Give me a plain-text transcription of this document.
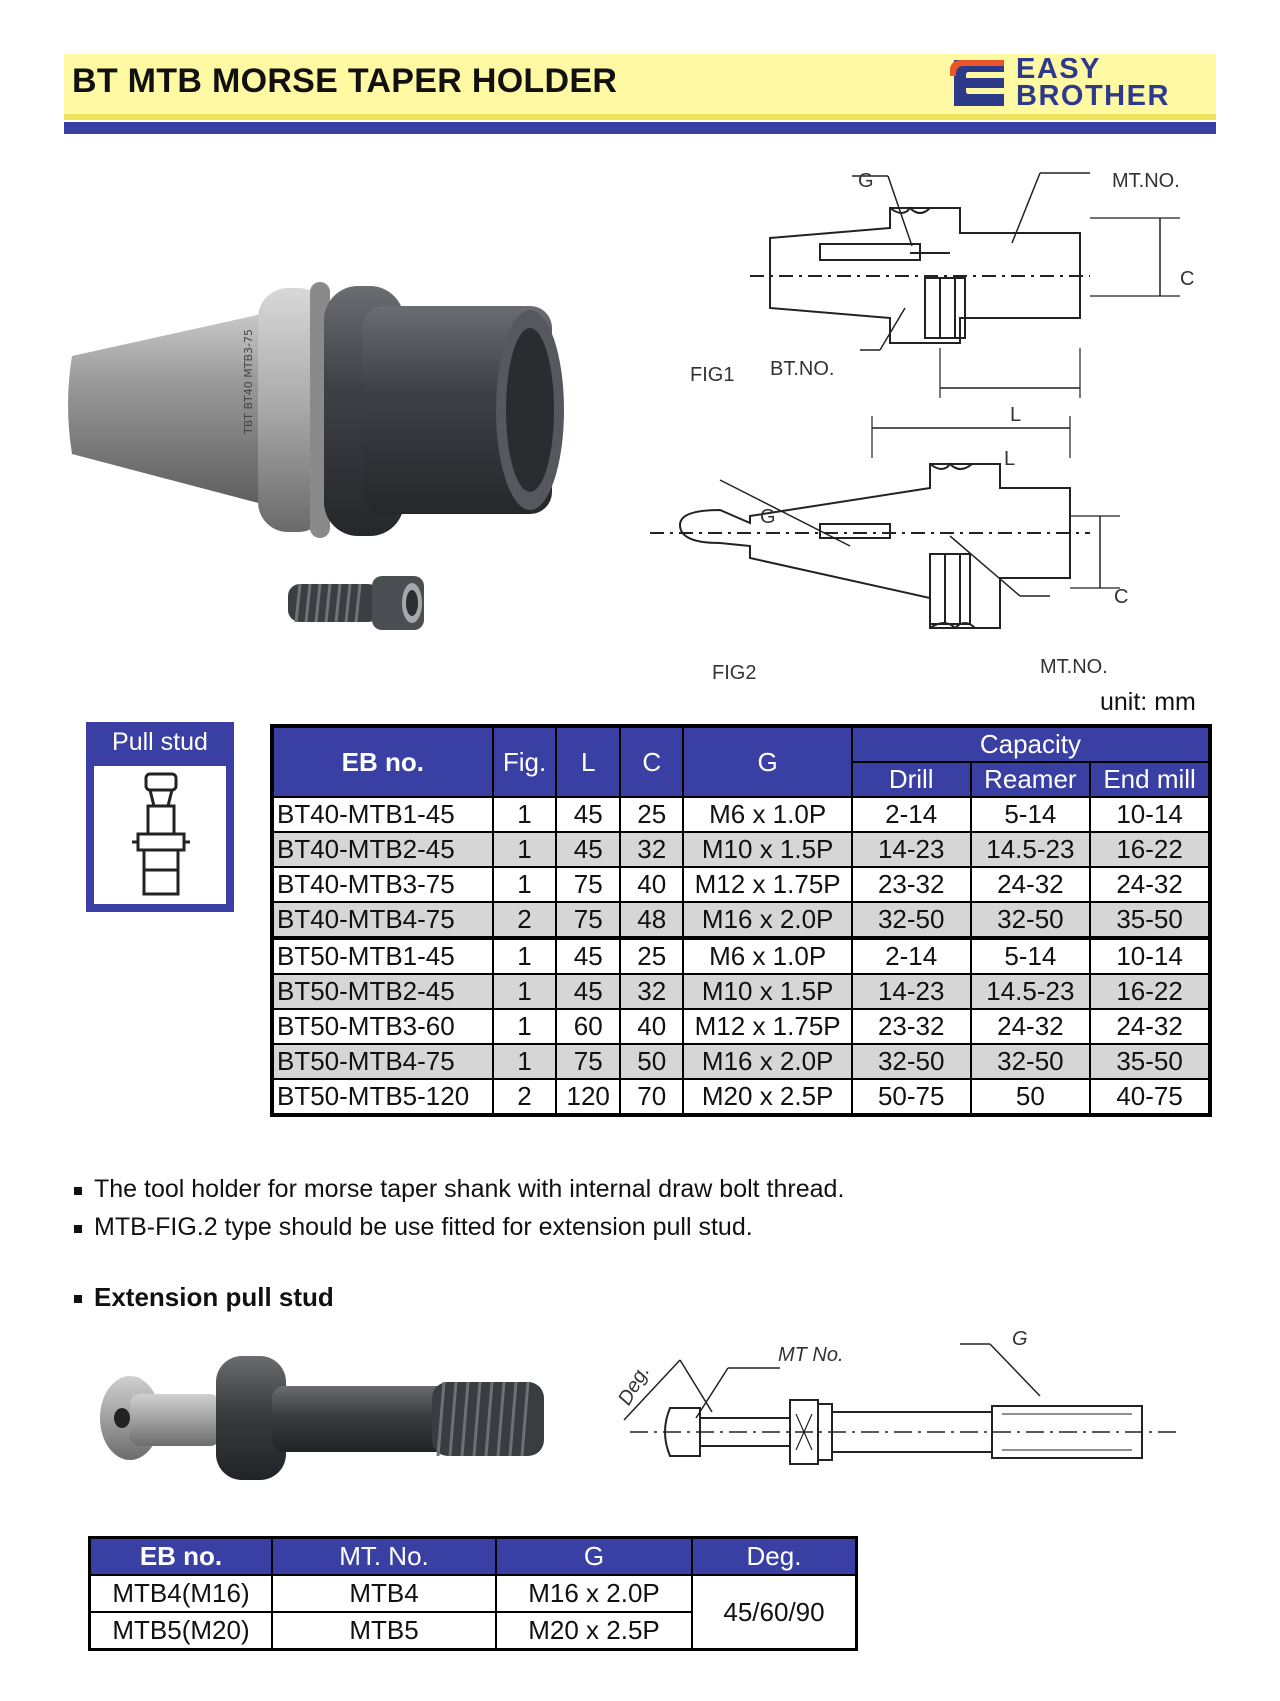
BT MTB MORSE TAPER HOLDER	EASY
BROTHER
TBT BT40 MTB3-75
G	MT.NO.
C
L
FIG1 BT.NO.
L
G
C
MT.NO.
FIG2
unit: mm
Pull stud
EB no.	Fig.	L	C	G	Capacity		
					Drill	Reamer	End mill
BT40-MTB1-45	1	45	25	M6 x 1.0P	2-14	5-14	10-14
BT40-MTB2-45	1	45	32	M10 x 1.5P	14-23	14.5-23	16-22
BT40-MTB3-75	1	75	40	M12 x 1.75P	23-32	24-32	24-32
BT40-MTB4-75	2	75	48	M16 x 2.0P	32-50	32-50	35-50
BT50-MTB1-45	1	45	25	M6 x 1.0P	2-14	5-14	10-14
BT50-MTB2-45	1	45	32	M10 x 1.5P	14-23	14.5-23	16-22
BT50-MTB3-60	1	60	40	M12 x 1.75P	23-32	24-32	24-32
BT50-MTB4-75	1	75	50	M16 x 2.0P	32-50	32-50	35-50
BT50-MTB5-120	2	120	70	M20 x 2.5P	50-75	50	40-75
The tool holder for morse taper shank with internal draw bolt thread.
MTB-FIG.2 type should be use fitted for extension pull stud.
Extension pull stud
Deg.
MT No.
G
EB no.	MT. No.	G	Deg.
MTB4(M16)	MTB4	M16 x 2.0P	45/60/90
MTB5(M20)	MTB5	M20 x 2.5P	
